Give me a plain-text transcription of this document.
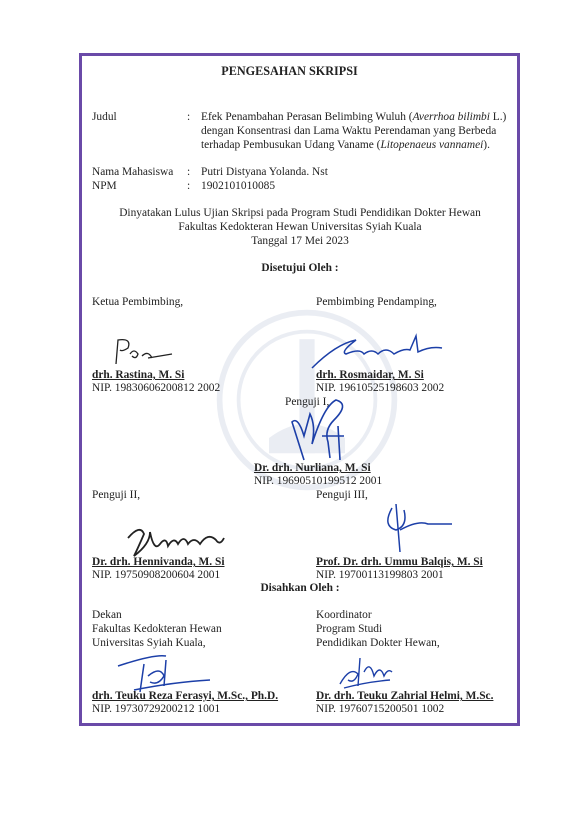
PENGESAHAN SKRIPSI
Judul	: Efek Penambahan Perasan Belimbing Wuluh (Averrhoa bilimbi L.)
dengan Konsentrasi dan Lama Waktu Perendaman yang Berbeda
terhadap Pembusukan Udang Vaname (Litopenaeus vannamei).
Nama Mahasiswa : Putri Distyana Yolanda. Nst
NPM	: 1902101010085
Dinyatakan Lulus Ujian Skripsi pada Program Studi Pendidikan Dokter Hewan
Fakultas Kedokteran Hewan Universitas Syiah Kuala
Tanggal 17 Mei 2023
Disetujui Oleh :
Ketua Pembimbing,	Pembimbing Pendamping,
drh. Rastina, M. Si
NIP. 19830606200812 2002
drh. Rosmaidar, M. Si
NIP. 19610525198603 2002
Penguji I,
Dr. drh. Nurliana, M. Si
NIP. 19690510199512 2001
Penguji II,	Penguji III,
Dr. drh. Hennivanda, M. Si
NIP. 19750908200604 2001
Prof. Dr. drh. Ummu Balqis, M. Si
NIP. 19700113199803 2001
Disahkan Oleh :
Dekan
Fakultas Kedokteran Hewan
Universitas Syiah Kuala,
Koordinator
Program Studi
Pendidikan Dokter Hewan,
drh. Teuku Reza Ferasyi, M.Sc., Ph.D.
NIP. 19730729200212 1001
Dr. drh. Teuku Zahrial Helmi, M.Sc.
NIP. 19760715200501 1002
